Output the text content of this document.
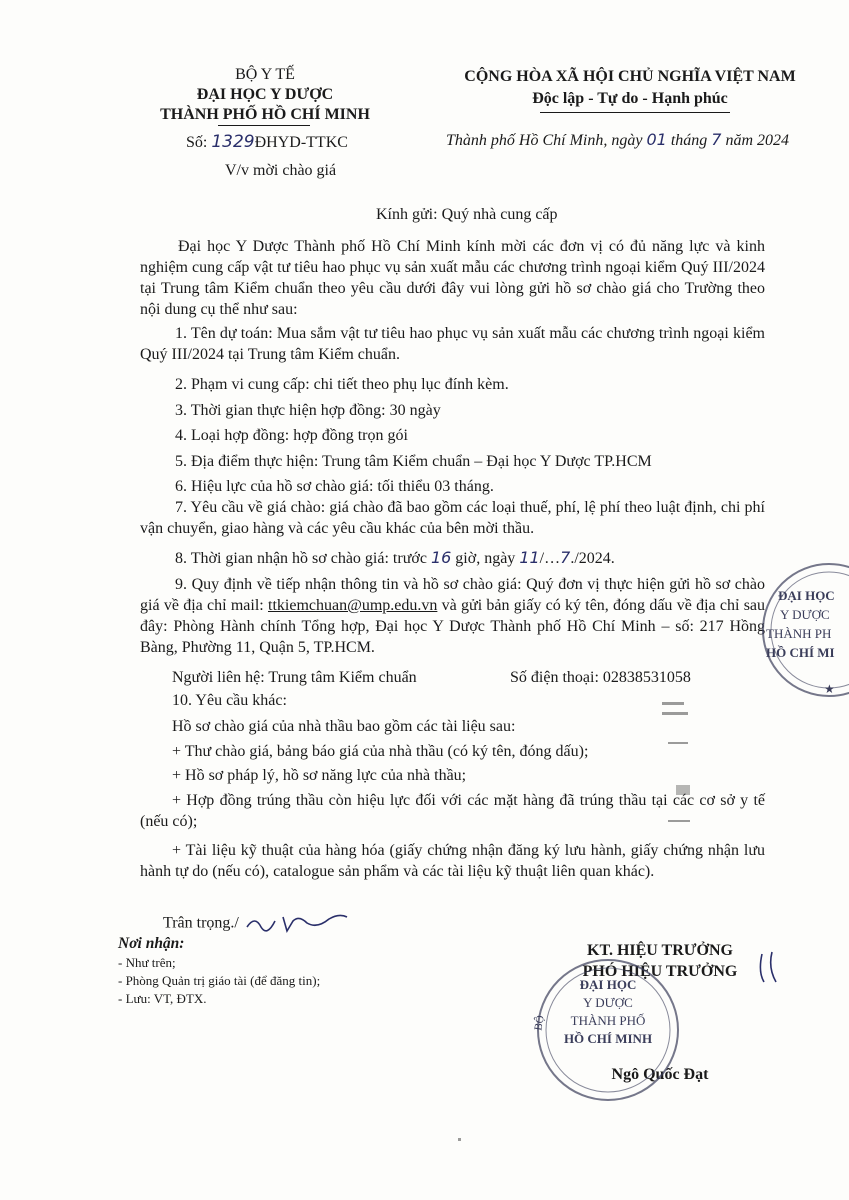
BỘ Y TẾ
ĐẠI HỌC Y DƯỢC
THÀNH PHỐ HỒ CHÍ MINH
Số: 1329ĐHYD-TTKC
V/v mời chào giá
CỘNG HÒA XÃ HỘI CHỦ NGHĨA VIỆT NAM
Độc lập - Tự do - Hạnh phúc
Thành phố Hồ Chí Minh, ngày 01 tháng 7 năm 2024
Kính gửi: Quý nhà cung cấp
Đại học Y Dược Thành phố Hồ Chí Minh kính mời các đơn vị có đủ năng lực và kinh nghiệm cung cấp vật tư tiêu hao phục vụ sản xuất mẫu các chương trình ngoại kiểm Quý III/2024 tại Trung tâm Kiểm chuẩn theo yêu cầu dưới đây vui lòng gửi hồ sơ chào giá cho Trường theo nội dung cụ thể như sau:
1. Tên dự toán: Mua sắm vật tư tiêu hao phục vụ sản xuất mẫu các chương trình ngoại kiểm Quý III/2024 tại Trung tâm Kiểm chuẩn.
2. Phạm vi cung cấp: chi tiết theo phụ lục đính kèm.
3. Thời gian thực hiện hợp đồng: 30 ngày
4. Loại hợp đồng: hợp đồng trọn gói
5. Địa điểm thực hiện: Trung tâm Kiểm chuẩn – Đại học Y Dược TP.HCM
6. Hiệu lực của hồ sơ chào giá: tối thiểu 03 tháng.
7. Yêu cầu về giá chào: giá chào đã bao gồm các loại thuế, phí, lệ phí theo luật định, chi phí vận chuyển, giao hàng và các yêu cầu khác của bên mời thầu.
8. Thời gian nhận hồ sơ chào giá: trước 16 giờ, ngày 11/…7./2024.
9. Quy định về tiếp nhận thông tin và hồ sơ chào giá: Quý đơn vị thực hiện gửi hồ sơ chào giá về địa chỉ mail: ttkiemchuan@ump.edu.vn và gửi bản giấy có ký tên, đóng dấu về địa chỉ sau đây: Phòng Hành chính Tổng hợp, Đại học Y Dược Thành phố Hồ Chí Minh – số: 217 Hồng Bàng, Phường 11, Quận 5, TP.HCM.
Người liên hệ: Trung tâm Kiểm chuẩn	Số điện thoại: 02838531058
10. Yêu cầu khác:
Hồ sơ chào giá của nhà thầu bao gồm các tài liệu sau:
+ Thư chào giá, bảng báo giá của nhà thầu (có ký tên, đóng dấu);
+ Hồ sơ pháp lý, hồ sơ năng lực của nhà thầu;
+ Hợp đồng trúng thầu còn hiệu lực đối với các mặt hàng đã trúng thầu tại các cơ sở y tế (nếu có);
+ Tài liệu kỹ thuật của hàng hóa (giấy chứng nhận đăng ký lưu hành, giấy chứng nhận lưu hành tự do (nếu có), catalogue sản phẩm và các tài liệu kỹ thuật liên quan khác).
Trân trọng./
Nơi nhận:
- Như trên;
- Phòng Quản trị giáo tài (để đăng tin);
- Lưu: VT, ĐTX.
KT. HIỆU TRƯỞNG
PHÓ HIỆU TRƯỞNG
Ngô Quốc Đạt
ĐẠI HỌC
Y DƯỢC
THÀNH PHỐ
HỒ CHÍ MINH
BỘ
ĐẠI HỌC
Y DƯỢC
THÀNH PH
HỒ CHÍ MI
★
